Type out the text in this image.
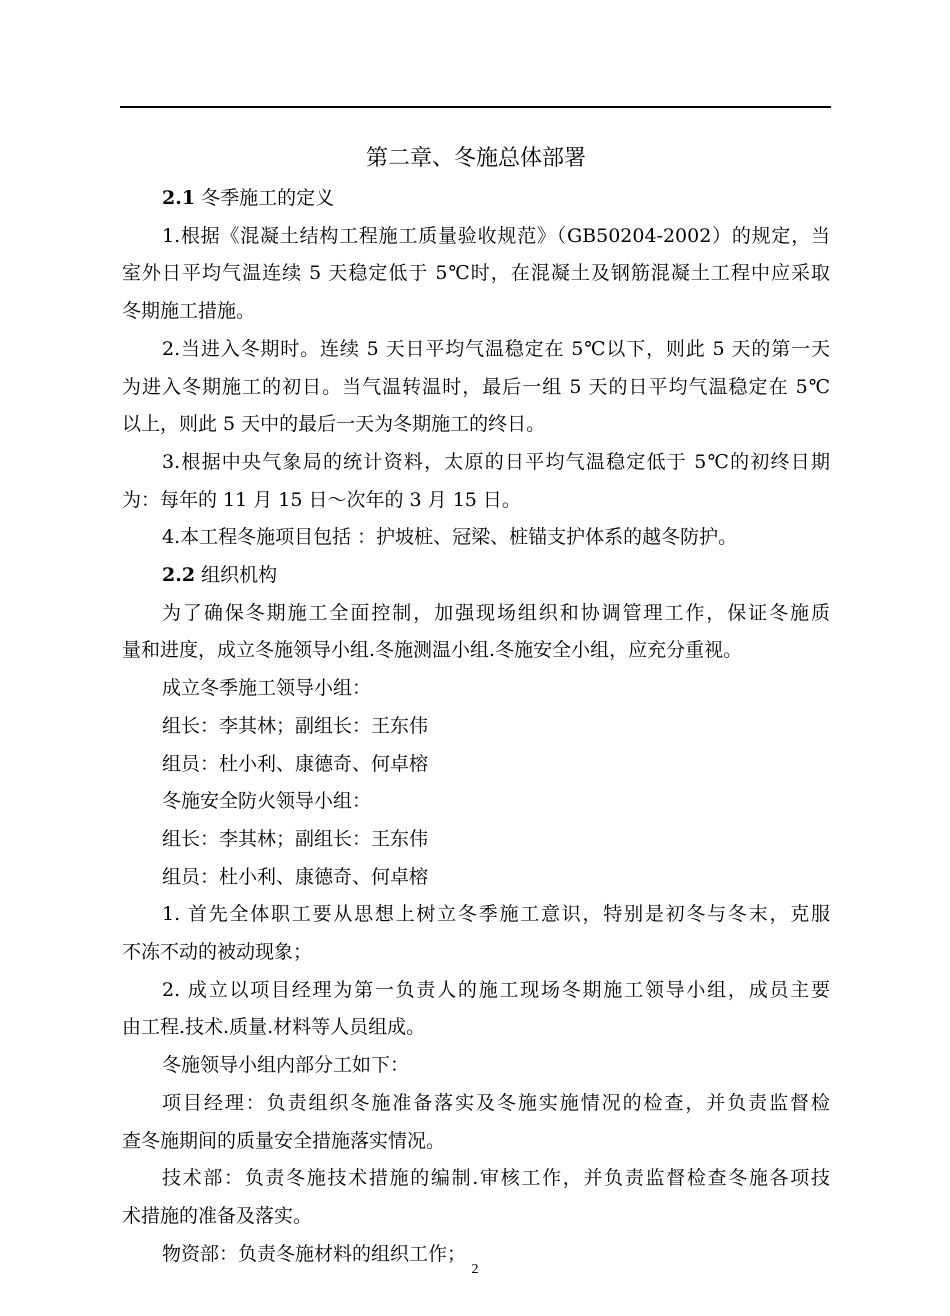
第二章、冬施总体部署

2.1 冬季施工的定义

1.根据《混凝土结构工程施工质量验收规范》（GB50204-2002）的规定，当

室外日平均气温连续 5 天稳定低于 5℃时，在混凝土及钢筋混凝土工程中应采取

冬期施工措施。

2.当进入冬期时。连续 5 天日平均气温稳定在 5℃以下，则此 5 天的第一天

为进入冬期施工的初日。当气温转温时，最后一组 5 天的日平均气温稳定在 5℃

以上，则此 5 天中的最后一天为冬期施工的终日。

3.根据中央气象局的统计资料，太原的日平均气温稳定低于 5℃的初终日期

为：每年的 11 月 15 日～次年的 3 月 15 日。

4.本工程冬施项目包括 ：护坡桩、冠梁、桩锚支护体系的越冬防护。

2.2 组织机构

为了确保冬期施工全面控制，加强现场组织和协调管理工作，保证冬施质

量和进度，成立冬施领导小组.冬施测温小组.冬施安全小组，应充分重视。

成立冬季施工领导小组：

组长：李其林；副组长：王东伟

组员：杜小利、康德奇、何卓榕

冬施安全防火领导小组：

组长：李其林；副组长：王东伟

组员：杜小利、康德奇、何卓榕

1. 首先全体职工要从思想上树立冬季施工意识，特别是初冬与冬末，克服

不冻不动的被动现象；

2. 成立以项目经理为第一负责人的施工现场冬期施工领导小组，成员主要

由工程.技术.质量.材料等人员组成。

冬施领导小组内部分工如下：

项目经理：负责组织冬施准备落实及冬施实施情况的检查，并负责监督检

查冬施期间的质量安全措施落实情况。

技术部：负责冬施技术措施的编制.审核工作，并负责监督检查冬施各项技

术措施的准备及落实。

物资部：负责冬施材料的组织工作；

2
